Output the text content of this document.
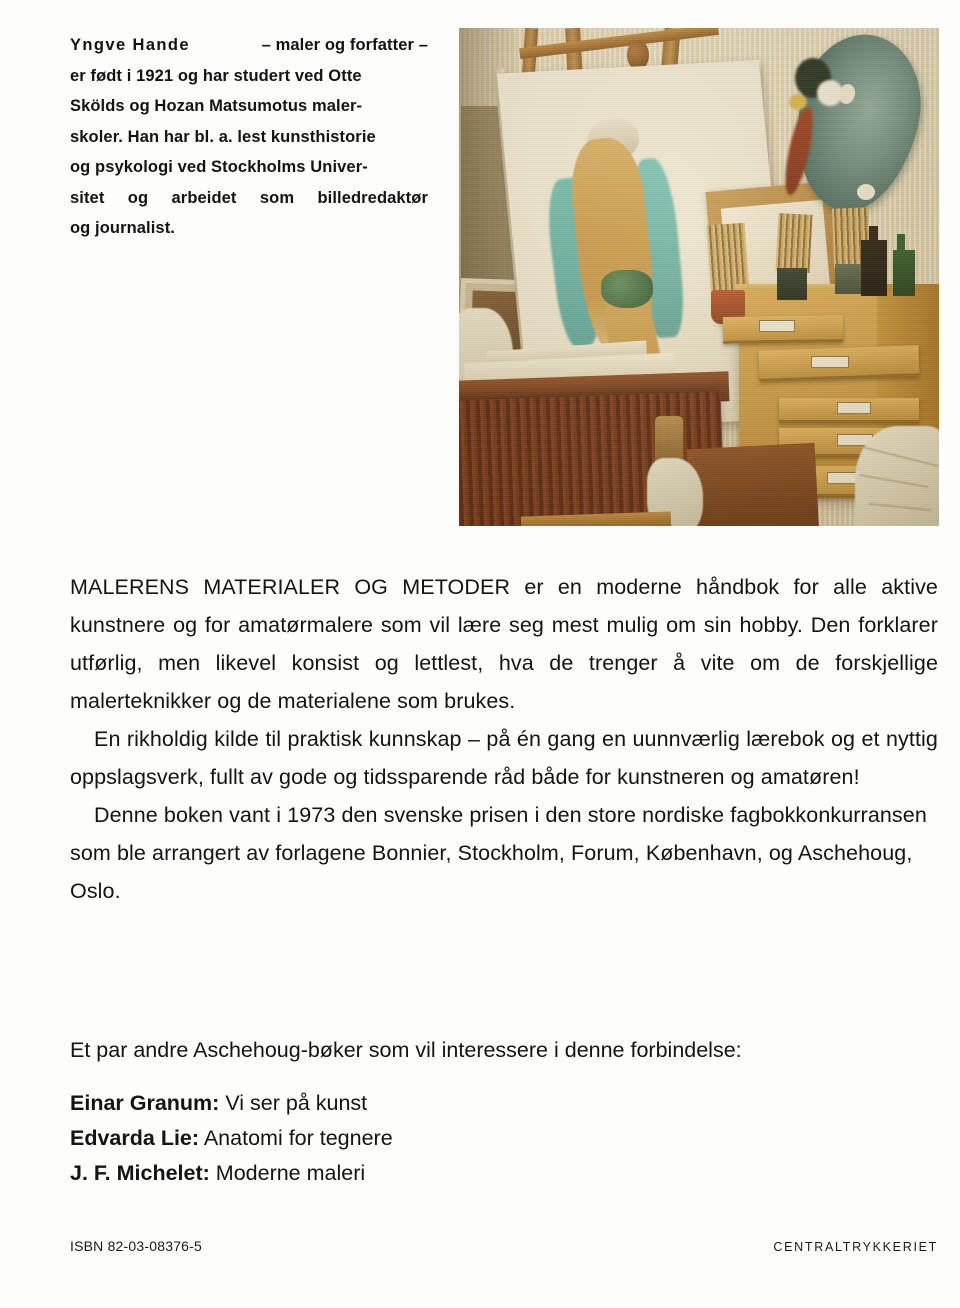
Yngve Hande	– maler og forfatter –
er født i 1921 og har studert ved Otte
Skölds og Hozan Matsumotus maler-
skoler. Han har bl. a. lest kunsthistorie
og psykologi ved Stockholms Univer-
sitet og arbeidet som billedredaktør
og journalist.

MALERENS MATERIALER OG METODER er en moderne håndbok for alle aktive kunstnere og for amatørmalere som vil lære seg mest mulig om sin hobby. Den forklarer utførlig, men likevel konsist og lettlest, hva de trenger å vite om de forskjellige malerteknikker og de materialene som brukes.

En rikholdig kilde til praktisk kunnskap – på én gang en uunnværlig lærebok og et nyttig oppslagsverk, fullt av gode og tidssparende råd både for kunstneren og amatøren!

Denne boken vant i 1973 den svenske prisen i den store nordiske fagbokkonkurransen som ble arrangert av forlagene Bonnier, Stockholm, Forum, København, og Aschehoug, Oslo.

Et par andre Aschehoug-bøker som vil interessere i denne forbindelse:
Einar Granum: Vi ser på kunst
Edvarda Lie: Anatomi for tegnere
J. F. Michelet: Moderne maleri
ISBN 82-03-08376-5	CENTRALTRYKKERIET
